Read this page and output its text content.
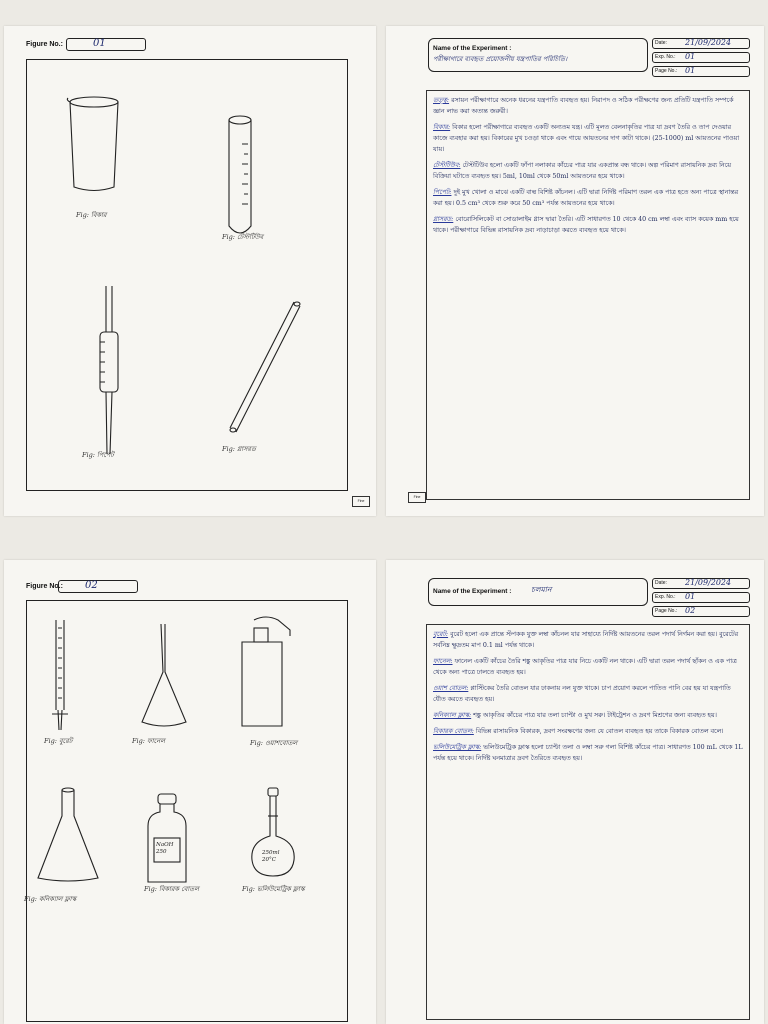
Figure No.:	01
Fig: বিকার
Fig: টেস্টটিউব
Fig: পিপেট
Fig: গ্লাসরড
Fine
Name of the Experiment :
পরীক্ষাগারে ব্যবহৃত প্রয়োজনীয় যন্ত্রপাতির পরিচিতি।
Date: 21/09/2024
Exp. No.: 01
Page No.: 01

তত্ত্ব: রসায়ন পরীক্ষাগারে অনেক ধরনের যন্ত্রপাতি ব্যবহৃত হয়। নিরাপদ ও সঠিক পরীক্ষণের জন্য প্রতিটি যন্ত্রপাতি সম্পর্কে জ্ঞান লাভ করা অত্যন্ত জরুরী।

বিকার: বিকার হলো পরীক্ষাগারে ব্যবহৃত একটি অন্যতম যন্ত্র। এটি মূলত বেলনাকৃতির পাত্র যা দ্রবণ তৈরি ও তাপ দেওয়ার কাজে ব্যবহার করা হয়। বিকারের মুখ চওড়া থাকে এবং গায়ে আয়তনের দাগ কাটা থাকে। (25-1000) ml আয়তনের পাওয়া যায়।

টেস্টটিউব: টেস্টটিউব হলো একটি ফাঁপা নলাকার কাঁচের পাত্র যার একপ্রান্ত বন্ধ থাকে। অল্প পরিমাণ রাসায়নিক দ্রব্য নিয়ে বিক্রিয়া ঘটাতে ব্যবহৃত হয়। 5ml, 10ml থেকে 50ml আয়তনের হয়ে থাকে।

পিপেট: দুই মুখ খোলা ও মাঝে একটি বাল্ব বিশিষ্ট কাঁচনল। এটি দ্বারা নির্দিষ্ট পরিমাণ তরল এক পাত্র হতে অন্য পাত্রে স্থানান্তর করা হয়। 0.5 cm³ থেকে শুরু করে 50 cm³ পর্যন্ত আয়তনের হয়ে থাকে।

গ্লাসরড: বোরোসিলিকেট বা সোডালাইম গ্লাস দ্বারা তৈরি। এটি সাধারণত 10 থেকে 40 cm লম্বা এবং ব্যাস কয়েক mm হয়ে থাকে। পরীক্ষাগারে বিভিন্ন রাসায়নিক দ্রব্য নাড়াচাড়া করতে ব্যবহৃত হয়ে থাকে।

Fine
Figure No.: 02
Fig: বুরেট	Fig: ফানেল	Fig: ওয়াশবোতল
Fig: কনিক্যাল ফ্লাস্ক
NaOH 250
Fig: বিকারক বোতল
250ml 20°C
Fig: ভলিউমেট্রিক ফ্লাস্ক
Name of the Experiment :	চলমান
Date: 21/09/2024
Exp. No.: 01
Page No.: 02

বুরেট: বুরেট হলো এক প্রান্তে স্টপকক যুক্ত লম্বা কাঁচনল যার সাহায্যে নির্দিষ্ট আয়তনের তরল পদার্থ নির্গমন করা হয়। বুরেটের সর্বনিম্ন ক্ষুদ্রতম মাপ 0.1 ml পর্যন্ত থাকে।

ফানেল: ফানেল একটি কাঁচের তৈরি শঙ্কু আকৃতির পাত্র যার নিচে একটি নল থাকে। এটি দ্বারা তরল পদার্থ ছাঁকন ও এক পাত্র থেকে অন্য পাত্রে ঢালতে ব্যবহৃত হয়।

ওয়াশ বোতল: প্লাস্টিকের তৈরি বোতল যার ঢাকনায় নল যুক্ত থাকে। চাপ প্রয়োগ করলে পাতিত পানি বের হয় যা যন্ত্রপাতি ধৌত করতে ব্যবহৃত হয়।

কনিক্যাল ফ্লাস্ক: শঙ্কু আকৃতির কাঁচের পাত্র যার তলা চ্যাপ্টা ও মুখ সরু। টাইট্রেশন ও দ্রবণ মিশ্রণের জন্য ব্যবহৃত হয়।

বিকারক বোতল: বিভিন্ন রাসায়নিক বিকারক, দ্রবণ সংরক্ষণের জন্য যে বোতল ব্যবহৃত হয় তাকে বিকারক বোতল বলে।

ভলিউমেট্রিক ফ্লাস্ক: ভলিউমেট্রিক ফ্লাস্ক হলো চ্যাপ্টা তলা ও লম্বা সরু গলা বিশিষ্ট কাঁচের পাত্র। সাধারণত 100 mL থেকে 1L পর্যন্ত হয়ে থাকে। নির্দিষ্ট ঘনমাত্রার দ্রবণ তৈরিতে ব্যবহৃত হয়।
